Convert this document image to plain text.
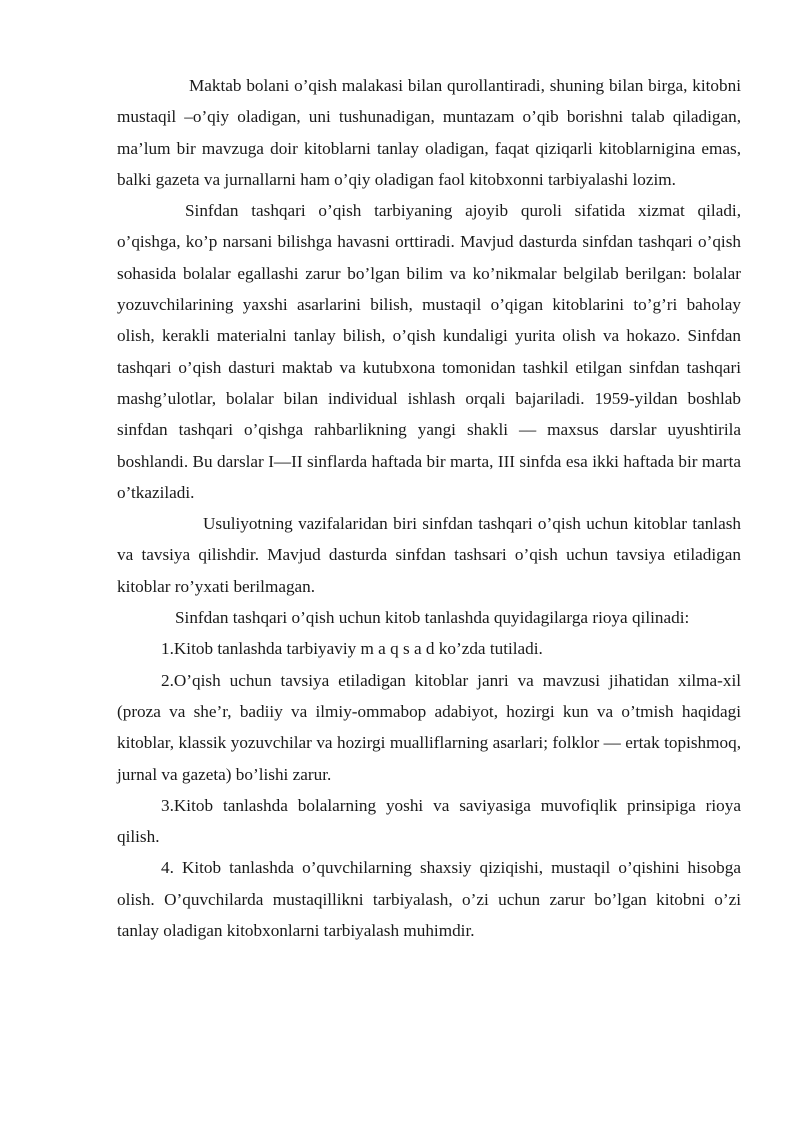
Maktab bolani o’qish malakasi bilan qurollantiradi, shuning bilan birga, kitobni mustaqil –o’qiy oladigan, uni tushunadigan, muntazam o’qib borishni talab qiladigan, ma’lum bir mavzuga doir kitoblarni tanlay oladigan, faqat qiziqarli kitoblarnigina emas, balki gazeta va jurnallarni ham o’qiy oladigan faol kitobxonni tarbiyalashi lozim.

Sinfdan tashqari o’qish tarbiyaning ajoyib quroli sifatida xizmat qiladi, o’qishga, ko’p narsani bilishga havasni orttiradi. Mavjud dasturda sinfdan tashqari o’qish sohasida bolalar egallashi zarur bo’lgan bilim va ko’nikmalar belgilab berilgan: bolalar yozuvchilarining yaxshi asarlarini bilish, mustaqil o’qigan kitoblarini to’g’ri baholay olish, kerakli materialni tanlay bilish, o’qish kundaligi yurita olish va hokazo. Sinfdan tashqari o’qish dasturi maktab va kutubxona tomonidan tashkil etilgan sinfdan tashqari mashg’ulotlar, bolalar bilan individual ishlash orqali bajariladi. 1959-yildan boshlab sinfdan tashqari o’qishga rahbarlikning yangi shakli — maxsus darslar uyushtirila boshlandi. Bu darslar I—II sinflarda haftada bir marta, III sinfda esa ikki haftada bir marta o’tkaziladi.

Usuliyotning vazifalaridan biri sinfdan tashqari o’qish uchun kitoblar tanlash va tavsiya qilishdir. Mavjud dasturda sinfdan tashsari o’qish uchun tavsiya etiladigan kitoblar ro’yxati berilmagan.

Sinfdan tashqari o’qish uchun kitob tanlashda quyidagilarga rioya qilinadi:

1.Kitob tanlashda tarbiyaviy m a q s a d ko’zda tutiladi.

2.O’qish uchun tavsiya etiladigan kitoblar janri va mavzusi jihatidan xilma-xil (proza va she’r, badiiy va ilmiy-ommabop adabiyot, hozirgi kun va o’tmish haqidagi kitoblar, klassik yozuvchilar va hozirgi mualliflarning asarlari; folklor — ertak topishmoq, jurnal va gazeta) bo’lishi zarur.

3.Kitob tanlashda bolalarning yoshi va saviyasiga muvofiqlik prinsipiga rioya qilish.

4. Kitob tanlashda o’quvchilarning shaxsiy qiziqishi, mustaqil o’qishini hisobga olish. O’quvchilarda mustaqillikni tarbiyalash, o’zi uchun zarur bo’lgan kitobni o’zi tanlay oladigan kitobxonlarni tarbiyalash muhimdir.
